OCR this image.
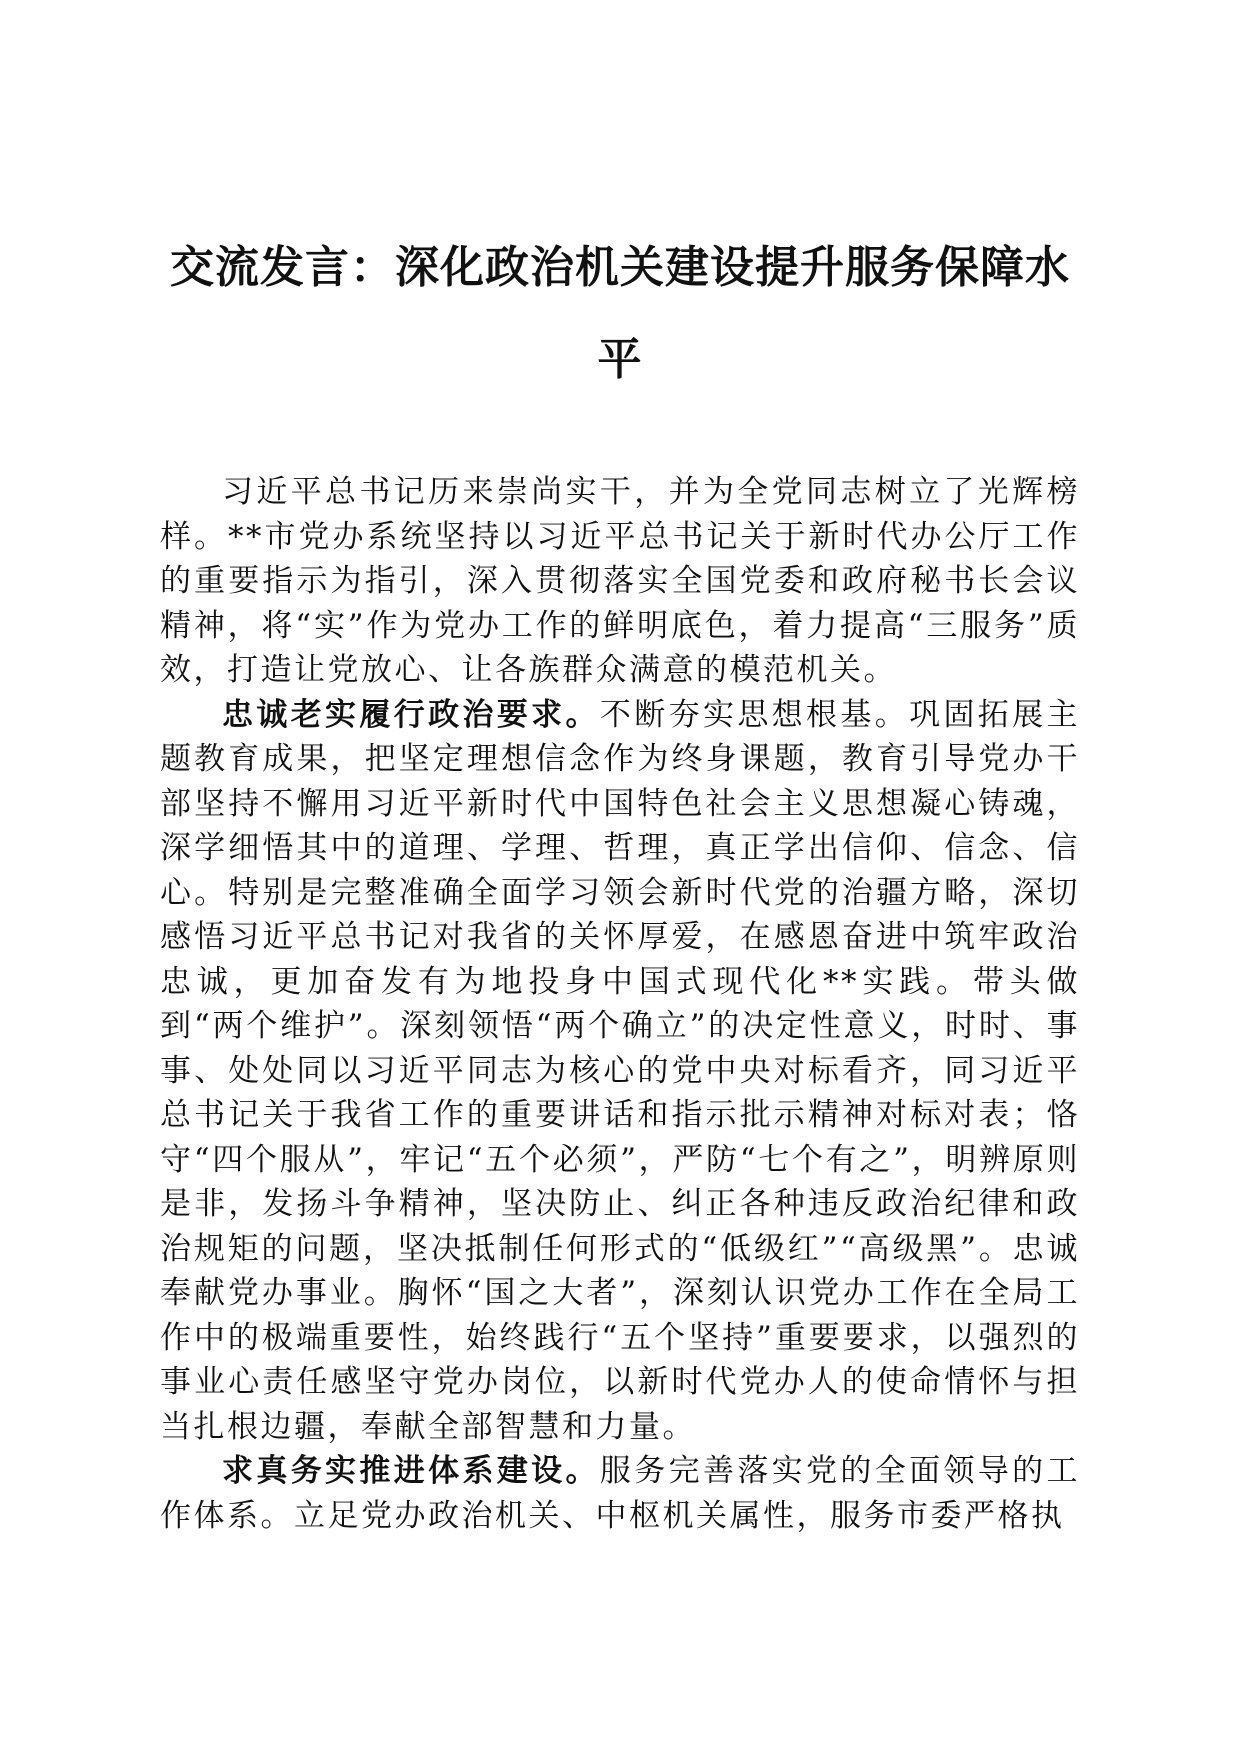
交流发言：深化政治机关建设提升服务保障水平

习近平总书记历来崇尚实干，并为全党同志树立了光辉榜样。**市党办系统坚持以习近平总书记关于新时代办公厅工作的重要指示为指引，深入贯彻落实全国党委和政府秘书长会议精神，将“实”作为党办工作的鲜明底色，着力提高“三服务”质效，打造让党放心、让各族群众满意的模范机关。

忠诚老实履行政治要求。不断夯实思想根基。巩固拓展主题教育成果，把坚定理想信念作为终身课题，教育引导党办干部坚持不懈用习近平新时代中国特色社会主义思想凝心铸魂，深学细悟其中的道理、学理、哲理，真正学出信仰、信念、信心。特别是完整准确全面学习领会新时代党的治疆方略，深切感悟习近平总书记对我省的关怀厚爱，在感恩奋进中筑牢政治忠诚，更加奋发有为地投身中国式现代化**实践。带头做到“两个维护”。深刻领悟“两个确立”的决定性意义，时时、事事、处处同以习近平同志为核心的党中央对标看齐，同习近平总书记关于我省工作的重要讲话和指示批示精神对标对表；恪守“四个服从”，牢记“五个必须”，严防“七个有之”，明辨原则是非，发扬斗争精神，坚决防止、纠正各种违反政治纪律和政治规矩的问题，坚决抵制任何形式的“低级红”“高级黑”。忠诚奉献党办事业。胸怀“国之大者”，深刻认识党办工作在全局工作中的极端重要性，始终践行“五个坚持”重要要求，以强烈的事业心责任感坚守党办岗位，以新时代党办人的使命情怀与担当扎根边疆，奉献全部智慧和力量。

求真务实推进体系建设。服务完善落实党的全面领导的工作体系。立足党办政治机关、中枢机关属性，服务市委严格执
